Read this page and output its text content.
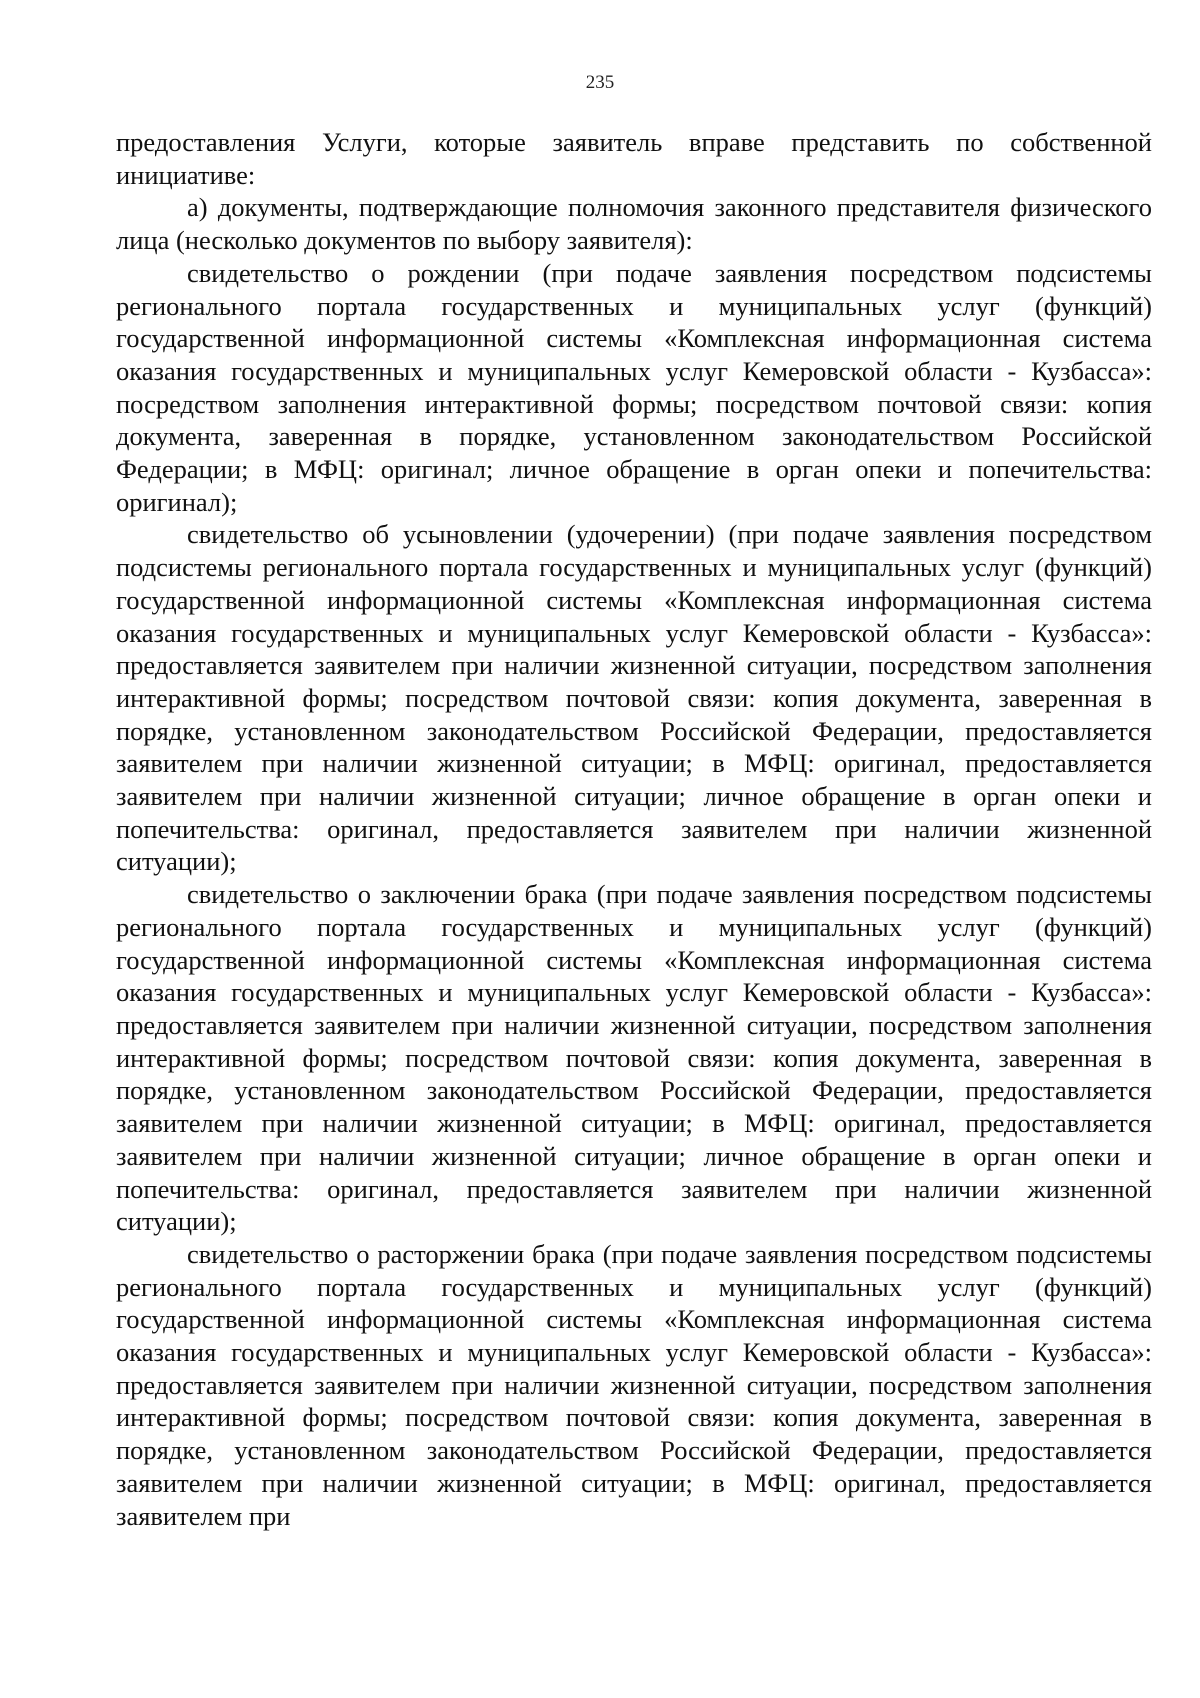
235

предоставления Услуги, которые заявитель вправе представить по собственной инициативе:

а) документы, подтверждающие полномочия законного представителя физического лица (несколько документов по выбору заявителя):

свидетельство о рождении (при подаче заявления посредством подсистемы регионального портала государственных и муниципальных услуг (функций) государственной информационной системы «Комплексная информационная система оказания государственных и муниципальных услуг Кемеровской области - Кузбасса»: посредством заполнения интерактивной формы; посредством почтовой связи: копия документа, заверенная в порядке, установленном законодательством Российской Федерации; в МФЦ: оригинал; личное обращение в орган опеки и попечительства: оригинал);

свидетельство об усыновлении (удочерении) (при подаче заявления посредством подсистемы регионального портала государственных и муниципальных услуг (функций) государственной информационной системы «Комплексная информационная система оказания государственных и муниципальных услуг Кемеровской области - Кузбасса»: предоставляется заявителем при наличии жизненной ситуации, посредством заполнения интерактивной формы; посредством почтовой связи: копия документа, заверенная в порядке, установленном законодательством Российской Федерации, предоставляется заявителем при наличии жизненной ситуации; в МФЦ: оригинал, предоставляется заявителем при наличии жизненной ситуации; личное обращение в орган опеки и попечительства: оригинал, предоставляется заявителем при наличии жизненной ситуации);

свидетельство о заключении брака (при подаче заявления посредством подсистемы регионального портала государственных и муниципальных услуг (функций) государственной информационной системы «Комплексная информационная система оказания государственных и муниципальных услуг Кемеровской области - Кузбасса»: предоставляется заявителем при наличии жизненной ситуации, посредством заполнения интерактивной формы; посредством почтовой связи: копия документа, заверенная в порядке, установленном законодательством Российской Федерации, предоставляется заявителем при наличии жизненной ситуации; в МФЦ: оригинал, предоставляется заявителем при наличии жизненной ситуации; личное обращение в орган опеки и попечительства: оригинал, предоставляется заявителем при наличии жизненной ситуации);

свидетельство о расторжении брака (при подаче заявления посредством подсистемы регионального портала государственных и муниципальных услуг (функций) государственной информационной системы «Комплексная информационная система оказания государственных и муниципальных услуг Кемеровской области - Кузбасса»: предоставляется заявителем при наличии жизненной ситуации, посредством заполнения интерактивной формы; посредством почтовой связи: копия документа, заверенная в порядке, установленном законодательством Российской Федерации, предоставляется заявителем при наличии жизненной ситуации; в МФЦ: оригинал, предоставляется заявителем при
